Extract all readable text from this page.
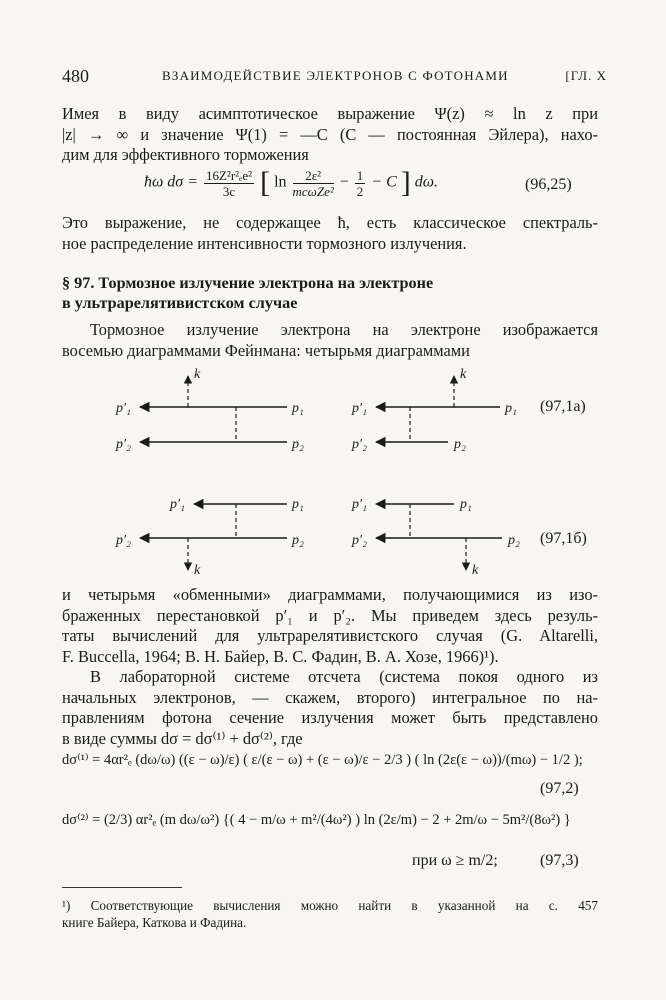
480	ВЗАИМОДЕЙСТВИЕ ЭЛЕКТРОНОВ С ФОТОНАМИ	[ГЛ. X
Имея в виду асимптотическое выражение Ψ(z) ≈ ln z при
|z| → ∞ и значение Ψ(1) = —C (C — постоянная Эйлера), нахо-
дим для эффективного торможения
ħω $d\sigma = \frac{\text{16Z²r²ₑe²}}{3c}$ [ $\ln \frac{\text{2ε²}}{\text{mcωZe²}} - \frac{1}{2} - C$ ] dω.	(96,25)
Это выражение, не содержащее ħ, есть классическое спектраль-
ное распределение интенсивности тормозного излучения.
§ 97. Тормозное излучение электрона на электроне
в ультрарелятивистском случае
Тормозное излучение электрона на электроне изображается
восемью диаграммами Фейнмана: четырьмя диаграммами
p′₁	p₁
k
p′₂	p₂
p′₁	p₁
k
p′₂	p₂
(97,1а)
p′₁	p₁
p′₂	p₂
k
p′₁	p₁
p′₂	p₂
k
(97,1б)
и четырьмя «обменными» диаграммами, получающимися из изо-
браженных перестановкой p′₁ и p′₂. Мы приведем здесь резуль-
таты вычислений для ультрарелятивистского случая (G. Altarelli,
F. Buccella, 1964; В. Н. Байер, В. С. Фадин, В. А. Хозе, 1966)¹).
В лабораторной системе отсчета (система покоя одного из
начальных электронов, — скажем, второго) интегральное по на-
правлениям фотона сечение излучения может быть представлено
в виде суммы dσ = dσ⁽¹⁾ + dσ⁽²⁾, где
dσ⁽¹⁾ = 4αr²ₑ (dω/ω) ((ε − ω)/ε) ( ε/(ε − ω) + (ε − ω)/ε − 2/3 ) ( ln (2ε(ε − ω))/(mω) − 1/2 );
(97,2)
dσ⁽²⁾ = (2/3) αr²ₑ (m dω/ω²) {( 4 − m/ω + m²/(4ω²) ) ln (2ε/m) − 2 + 2m/ω − 5m²/(8ω²) }
при ω ≥ m/2;	(97,3)
¹) Соответствующие вычисления можно найти в указанной на с. 457
книге Байера, Каткова и Фадина.
